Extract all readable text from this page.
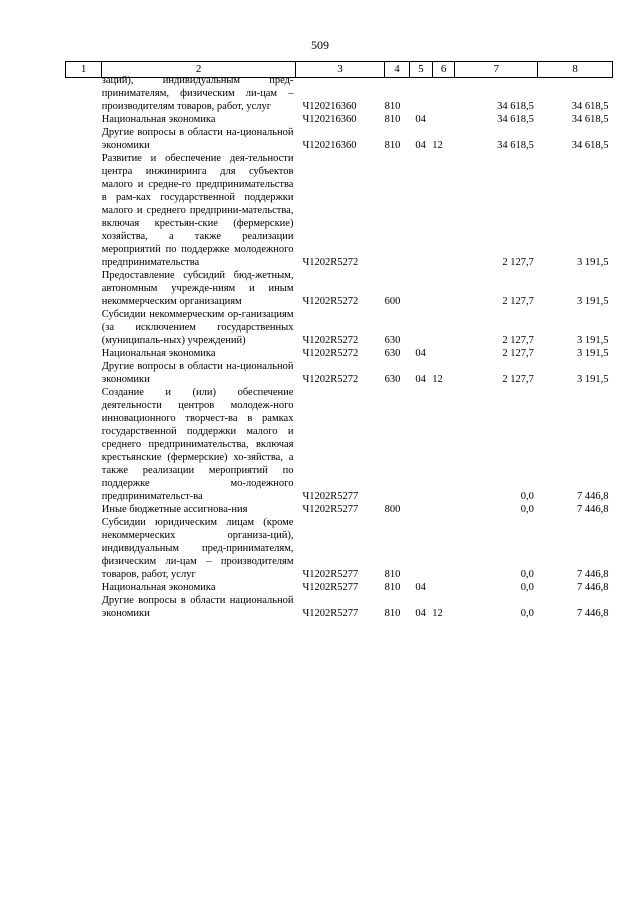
509
1	2	3	4	5	6	7	8

	заций), индивидуальным пред-принимателям, физическим ли-цам – производителям товаров, работ, услуг	Ч120216360	810			34 618,5	34 618,5

	Национальная экономика	Ч120216360	810	04		34 618,5	34 618,5

	Другие вопросы в области на-циональной экономики	Ч120216360	810	04	12	34 618,5	34 618,5

	Развитие и обеспечение дея-тельности центра инжиниринга для субъектов малого и средне-го предпринимательства в рам-ках государственной поддержки малого и среднего предприни-мательства, включая крестьян-ские (фермерские) хозяйства, а также реализации мероприятий по поддержке молодежного предпринимательства	Ч1202R5272				2 127,7	3 191,5

	Предоставление субсидий бюд-жетным, автономным учрежде-ниям и иным некоммерческим организациям	Ч1202R5272	600			2 127,7	3 191,5

	Субсидии некоммерческим ор-ганизациям (за исключением государственных (муниципаль-ных) учреждений)	Ч1202R5272	630			2 127,7	3 191,5

	Национальная экономика	Ч1202R5272	630	04		2 127,7	3 191,5

	Другие вопросы в области на-циональной экономики	Ч1202R5272	630	04	12	2 127,7	3 191,5

	Создание и (или) обеспечение деятельности центров молодеж-ного инновационного творчест-ва в рамках государственной поддержки малого и среднего предпринимательства, включая крестьянские (фермерские) хо-зяйства, а также реализации мероприятий по поддержке мо-лодежного предпринимательст-ва	Ч1202R5277				0,0	7 446,8

	Иные бюджетные ассигнова-ния	Ч1202R5277	800			0,0	7 446,8

	Субсидии юридическим лицам (кроме некоммерческих организа-ций), индивидуальным пред-принимателям, физическим ли-цам – производителям товаров, работ, услуг	Ч1202R5277	810			0,0	7 446,8

	Национальная экономика	Ч1202R5277	810	04		0,0	7 446,8

	Другие вопросы в области национальной экономики	Ч1202R5277	810	04	12	0,0	7 446,8
